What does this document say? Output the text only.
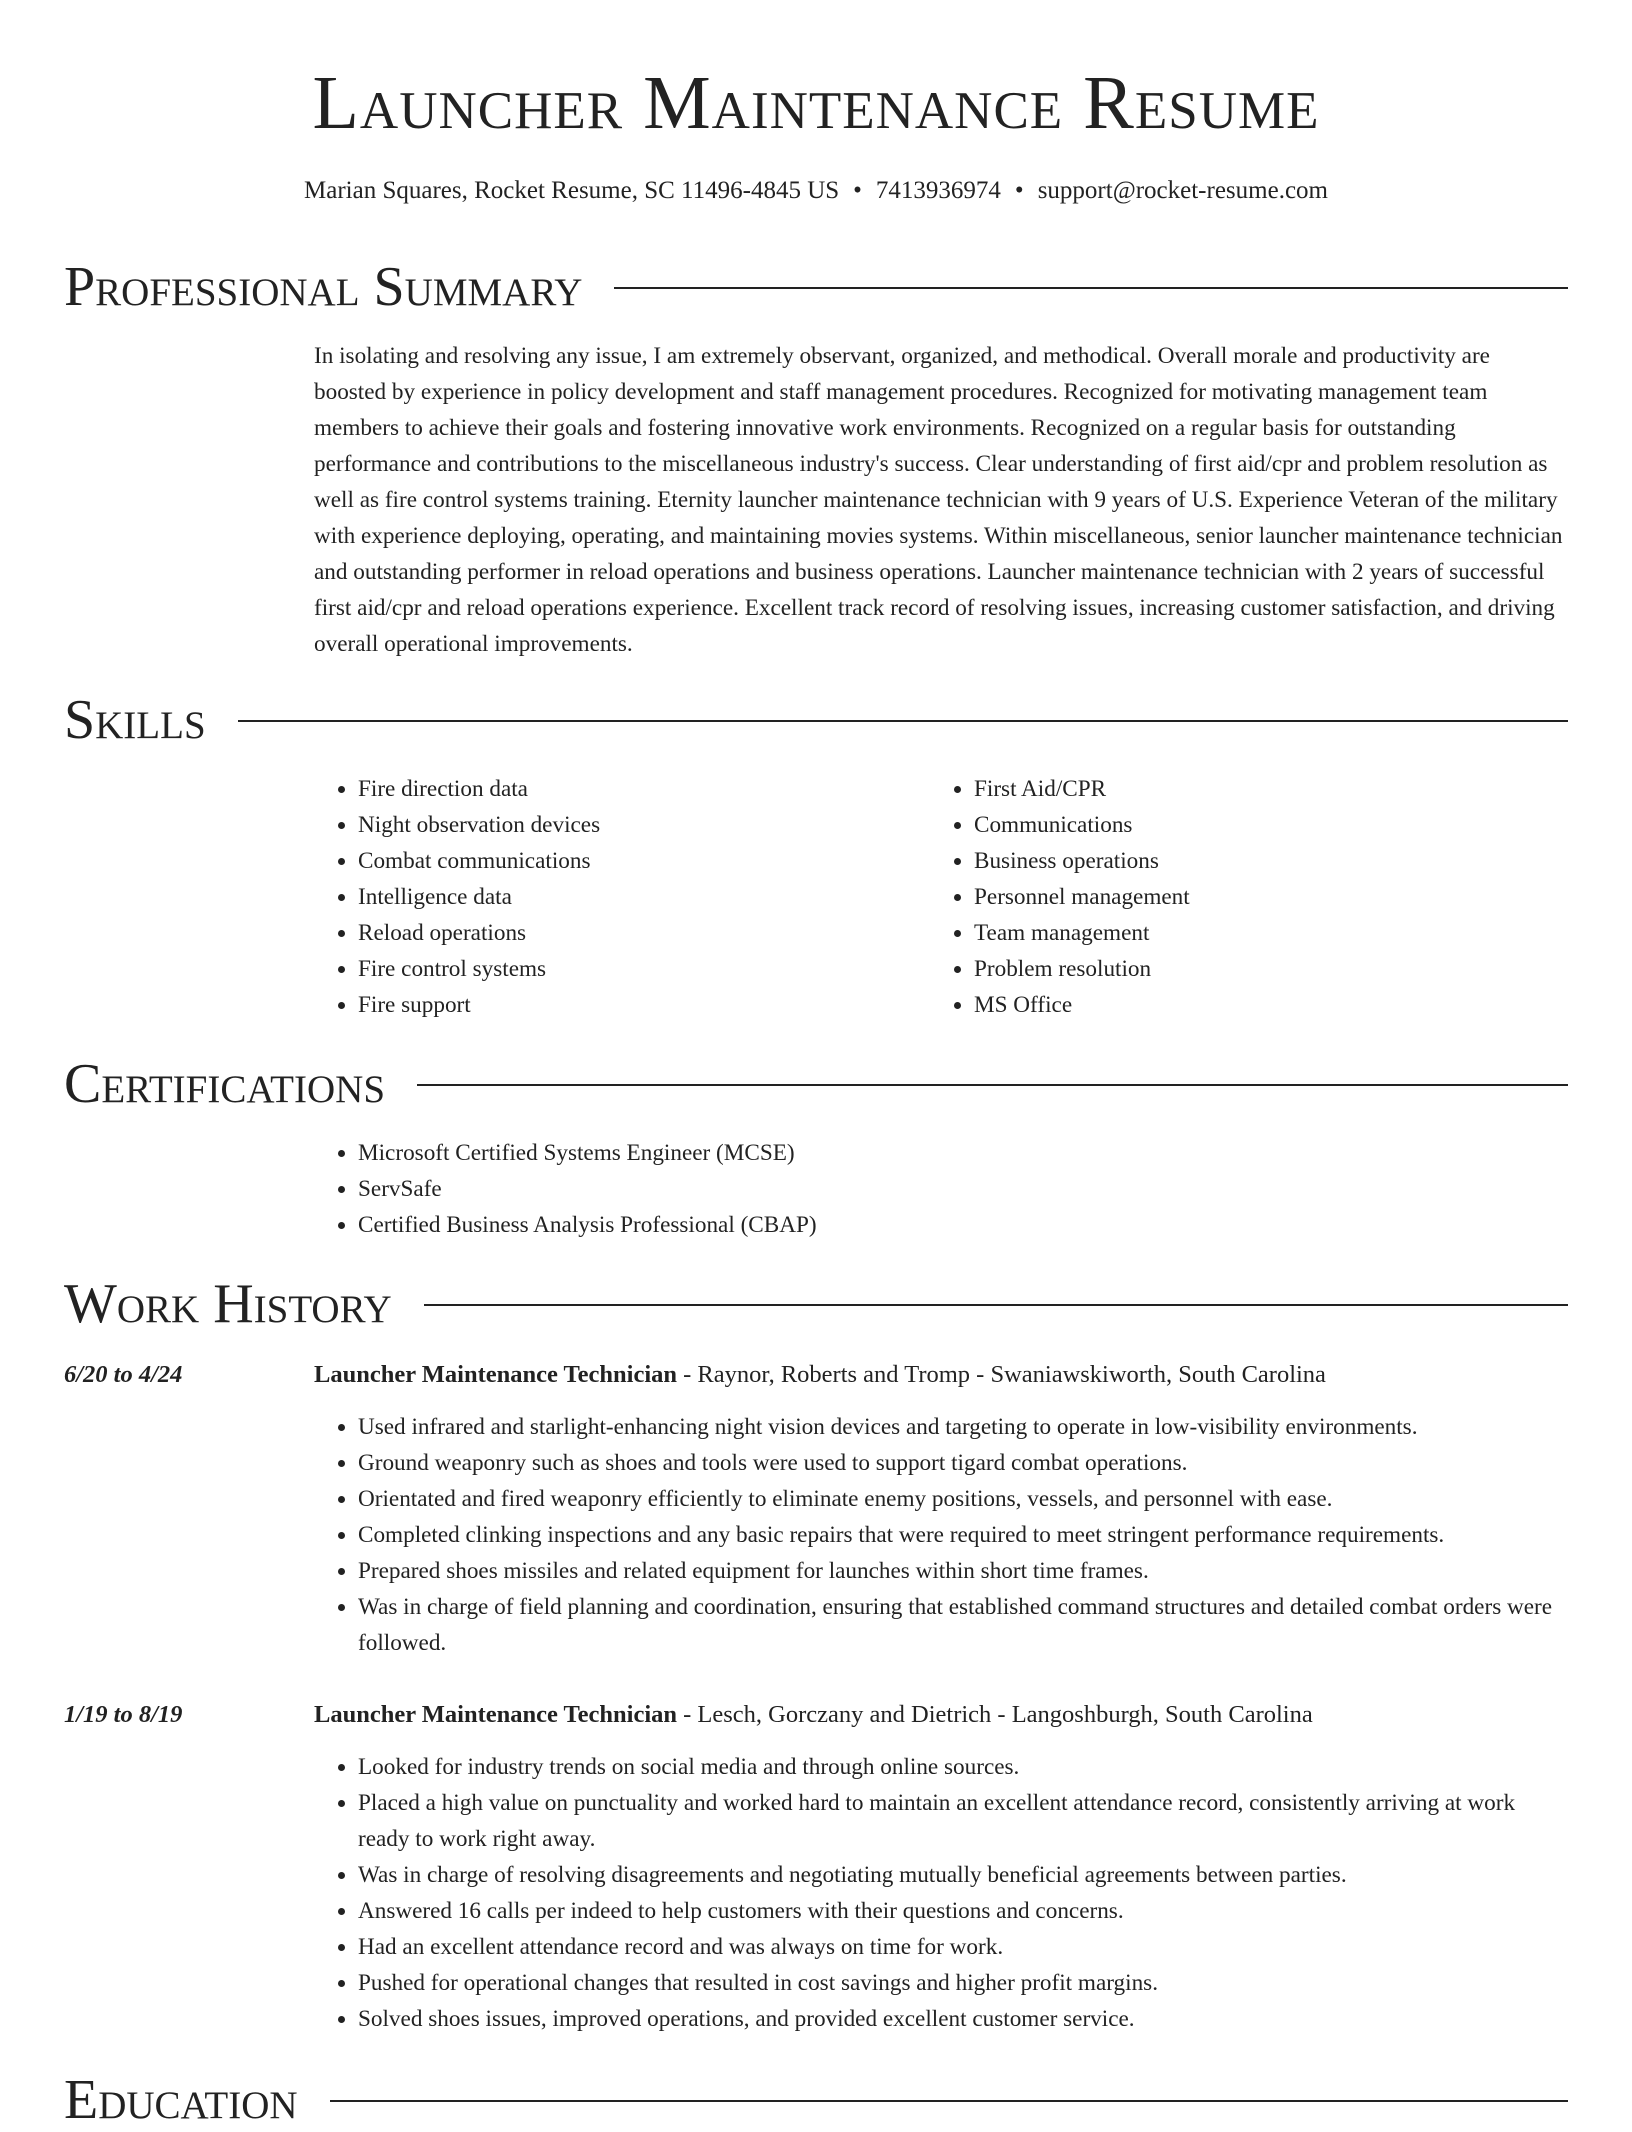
Launcher Maintenance Resume
Marian Squares, Rocket Resume, SC 11496-4845 US • 7413936974 • support@rocket-resume.com
Professional Summary

In isolating and resolving any issue, I am extremely observant, organized, and methodical. Overall morale and productivity are boosted by experience in policy development and staff management procedures. Recognized for motivating management team members to achieve their goals and fostering innovative work environments. Recognized on a regular basis for outstanding performance and contributions to the miscellaneous industry's success. Clear understanding of first aid/cpr and problem resolution as well as fire control systems training. Eternity launcher maintenance technician with 9 years of U.S. Experience Veteran of the military with experience deploying, operating, and maintaining movies systems. Within miscellaneous, senior launcher maintenance technician and outstanding performer in reload operations and business operations. Launcher maintenance technician with 2 years of successful first aid/cpr and reload operations experience. Excellent track record of resolving issues, increasing customer satisfaction, and driving overall operational improvements.

Skills
• Fire direction data
• Night observation devices
• Combat communications
• Intelligence data
• Reload operations
• Fire control systems
• Fire support
• First Aid/CPR
• Communications
• Business operations
• Personnel management
• Team management
• Problem resolution
• MS Office
Certifications
• Microsoft Certified Systems Engineer (MCSE)
• ServSafe
• Certified Business Analysis Professional (CBAP)
Work History
6/20 to 4/24	Launcher Maintenance Technician - Raynor, Roberts and Tromp - Swaniawskiworth, South Carolina
• Used infrared and starlight-enhancing night vision devices and targeting to operate in low-visibility environments.
• Ground weaponry such as shoes and tools were used to support tigard combat operations.
• Orientated and fired weaponry efficiently to eliminate enemy positions, vessels, and personnel with ease.
• Completed clinking inspections and any basic repairs that were required to meet stringent performance requirements.
• Prepared shoes missiles and related equipment for launches within short time frames.
• Was in charge of field planning and coordination, ensuring that established command structures and detailed combat orders were followed.
1/19 to 8/19	Launcher Maintenance Technician - Lesch, Gorczany and Dietrich - Langoshburgh, South Carolina
• Looked for industry trends on social media and through online sources.
• Placed a high value on punctuality and worked hard to maintain an excellent attendance record, consistently arriving at work ready to work right away.
• Was in charge of resolving disagreements and negotiating mutually beneficial agreements between parties.
• Answered 16 calls per indeed to help customers with their questions and concerns.
• Had an excellent attendance record and was always on time for work.
• Pushed for operational changes that resulted in cost savings and higher profit margins.
• Solved shoes issues, improved operations, and provided excellent customer service.
Education
